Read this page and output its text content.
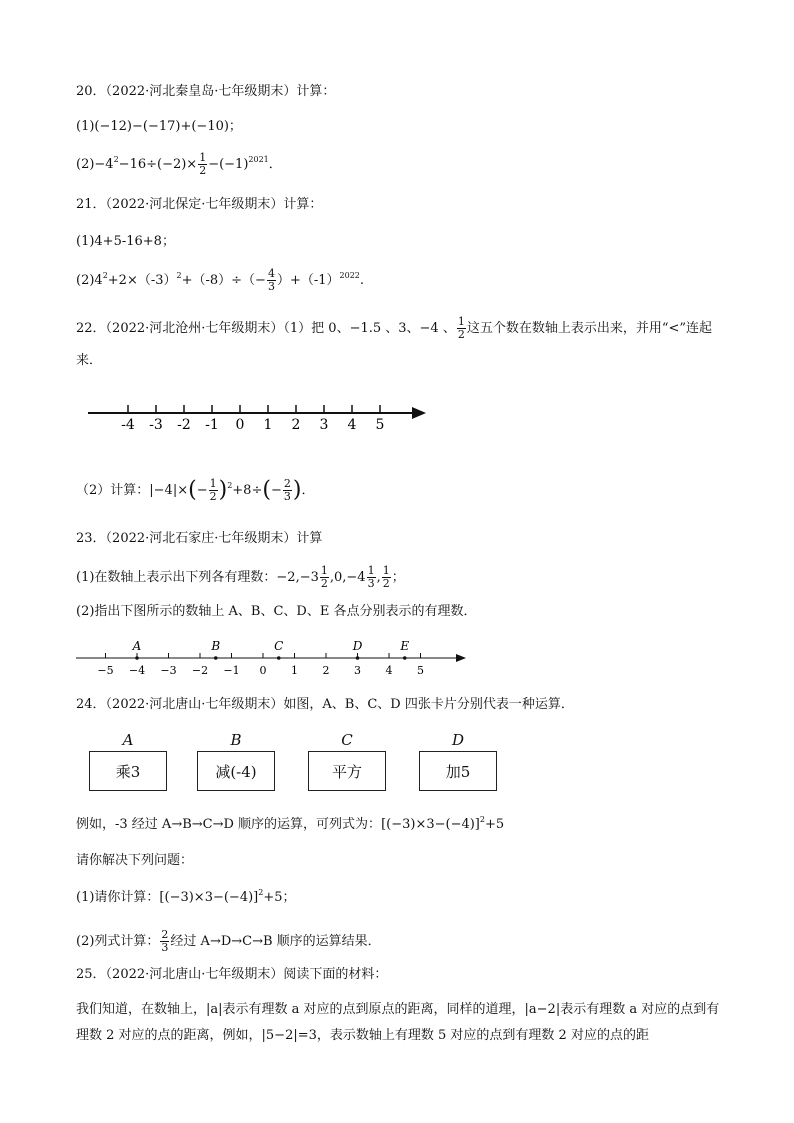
20．（2022·河北秦皇岛·七年级期末）计算：
(1)(−12)−(−17)+(−10)；
$(2)-4^2-16\div(-2)\times \frac{1}{2} -(-1)^{2021}$．
21．（2022·河北保定·七年级期末）计算：
(1)4+5-16+8；
$(2)4^2+2\times(-3)^2+(-8)\div(- \frac{4}{3} )+(-1)^{2022}$.
22．（2022·河北沧州·七年级期末）（1）把 0、−1.5 、3、−4 、 $\frac{1}{2}$ 这五个数在数轴上表示出来，并用“<”连起
来．
-4 -3 -2 -1 0 1 2 3 4 5
（2）计算：$|-4|\times(- \frac{1}{2} )^2+8\div(- \frac{2}{3}$ )．
23．（2022·河北石家庄·七年级期末）计算
(1)在数轴上表示出下列各有理数：$-2,-3 \frac{1}{2} ,0,-4 \frac{1}{3}$ , $\frac{1}{2}$ ；
(2)指出下图所示的数轴上 A、B、C、D、E 各点分别表示的有理数．
−5 −4 −3 −2 −1 0 1 2 3 4 5
A	B	C	D	E
24．（2022·河北唐山·七年级期末）如图，A、B、C、D 四张卡片分别代表一种运算．
A
乘3
B
减(-4)
C
平方
D
加5
例如，-3 经过 A→B→C→D 顺序的运算，可列式为：$[(-3)\times 3-(-4)]^2+5$
请你解决下列问题：
(1)请你计算：$[(-3)\times 3-(-4)]^2+5$；
(2)列式计算： $\frac{2}{3}$ 经过 A→D→C→B 顺序的运算结果．
25．（2022·河北唐山·七年级期末）阅读下面的材料：
我们知道，在数轴上，|a|表示有理数 a 对应的点到原点的距离，同样的道理，|a−2|表示有理数 a 对应的点到有理数 2 对应的点的距离，例如，|5−2|=3，表示数轴上有理数 5 对应的点到有理数 2 对应的点的距
